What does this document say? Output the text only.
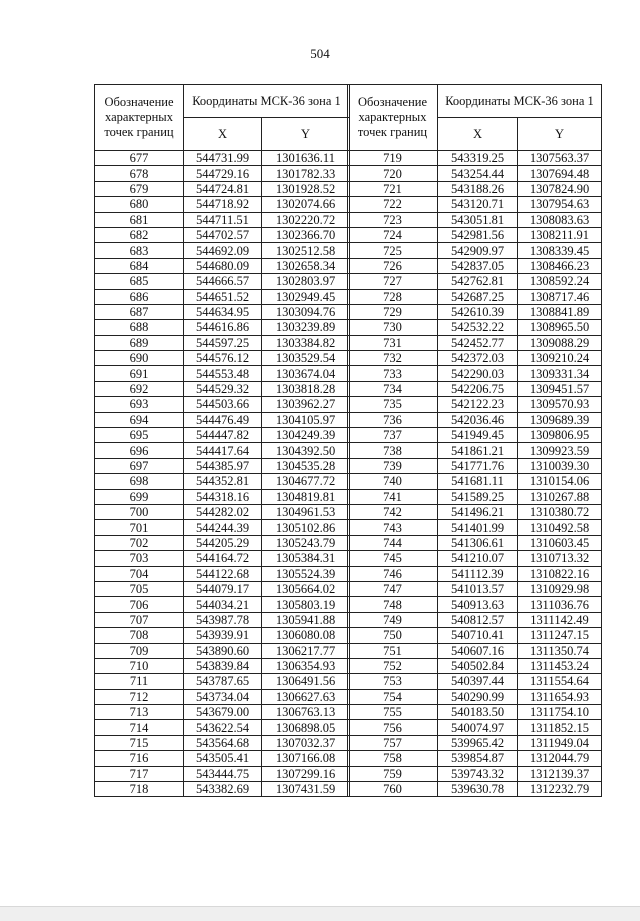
504
Обозначение характерных точек границ	Координаты МСК-36 зона 1	
	X	Y
677	544731.99	1301636.11
678	544729.16	1301782.33
679	544724.81	1301928.52
680	544718.92	1302074.66
681	544711.51	1302220.72
682	544702.57	1302366.70
683	544692.09	1302512.58
684	544680.09	1302658.34
685	544666.57	1302803.97
686	544651.52	1302949.45
687	544634.95	1303094.76
688	544616.86	1303239.89
689	544597.25	1303384.82
690	544576.12	1303529.54
691	544553.48	1303674.04
692	544529.32	1303818.28
693	544503.66	1303962.27
694	544476.49	1304105.97
695	544447.82	1304249.39
696	544417.64	1304392.50
697	544385.97	1304535.28
698	544352.81	1304677.72
699	544318.16	1304819.81
700	544282.02	1304961.53
701	544244.39	1305102.86
702	544205.29	1305243.79
703	544164.72	1305384.31
704	544122.68	1305524.39
705	544079.17	1305664.02
706	544034.21	1305803.19
707	543987.78	1305941.88
708	543939.91	1306080.08
709	543890.60	1306217.77
710	543839.84	1306354.93
711	543787.65	1306491.56
712	543734.04	1306627.63
713	543679.00	1306763.13
714	543622.54	1306898.05
715	543564.68	1307032.37
716	543505.41	1307166.08
717	543444.75	1307299.16
718	543382.69	1307431.59
Обозначение характерных точек границ	Координаты МСК-36 зона 1	
	X	Y
719	543319.25	1307563.37
720	543254.44	1307694.48
721	543188.26	1307824.90
722	543120.71	1307954.63
723	543051.81	1308083.63
724	542981.56	1308211.91
725	542909.97	1308339.45
726	542837.05	1308466.23
727	542762.81	1308592.24
728	542687.25	1308717.46
729	542610.39	1308841.89
730	542532.22	1308965.50
731	542452.77	1309088.29
732	542372.03	1309210.24
733	542290.03	1309331.34
734	542206.75	1309451.57
735	542122.23	1309570.93
736	542036.46	1309689.39
737	541949.45	1309806.95
738	541861.21	1309923.59
739	541771.76	1310039.30
740	541681.11	1310154.06
741	541589.25	1310267.88
742	541496.21	1310380.72
743	541401.99	1310492.58
744	541306.61	1310603.45
745	541210.07	1310713.32
746	541112.39	1310822.16
747	541013.57	1310929.98
748	540913.63	1311036.76
749	540812.57	1311142.49
750	540710.41	1311247.15
751	540607.16	1311350.74
752	540502.84	1311453.24
753	540397.44	1311554.64
754	540290.99	1311654.93
755	540183.50	1311754.10
756	540074.97	1311852.15
757	539965.42	1311949.04
758	539854.87	1312044.79
759	539743.32	1312139.37
760	539630.78	1312232.79
